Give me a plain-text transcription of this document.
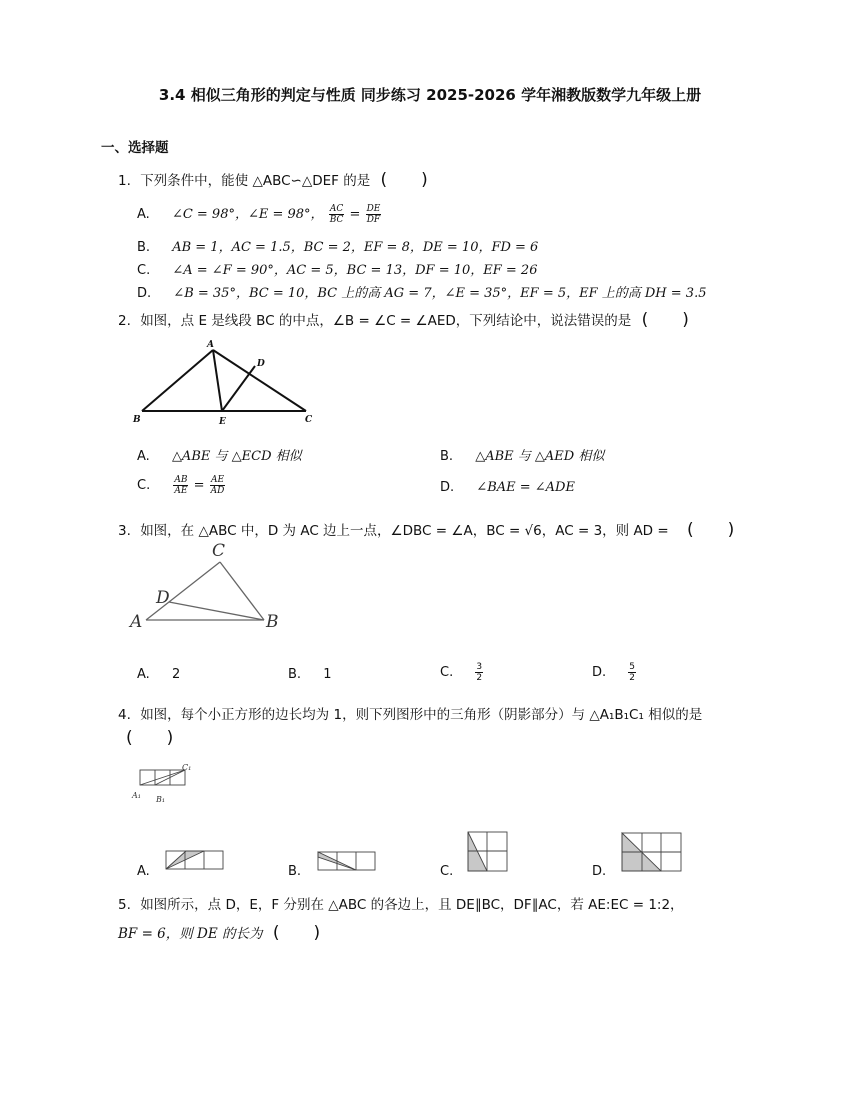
3.4 相似三角形的判定与性质 同步练习 2025-2026 学年湘教版数学九年级上册
一、选择题
1. 下列条件中，能使 △ABC∽△DEF 的是 (　　)
A. ∠C = 98°，∠E = 98°， $\frac{AC}{BC} = \frac{DE}{DF}$
B. AB = 1，AC = 1.5，BC = 2，EF = 8，DE = 10，FD = 6
C. ∠A = ∠F = 90°，AC = 5，BC = 13，DF = 10，EF = 26
D. ∠B = 35°，BC = 10，BC 上的高 AG = 7，∠E = 35°，EF = 5，EF 上的高 DH = 3.5
2. 如图，点 E 是线段 BC 的中点，∠B = ∠C = ∠AED，下列结论中，说法错误的是 (　　)
A
B	C
D
E
A. △ABE 与 △ECD 相似	B. △ABE 与 △AED 相似
C.	$\frac{AB}{AE} = \frac{AE}{AD}$	D. ∠BAE = ∠ADE
3. 如图，在 △ABC 中，D 为 AC 边上一点，∠DBC = ∠A，BC = √6，AC = 3，则 AD = (　　)
C
D
A	B
A. 2	B. 1	C. $\frac{3}{2}$	D. $\frac{5}{2}$
4. 如图，每个小正方形的边长均为 1，则下列图形中的三角形（阴影部分）与 △A₁B₁C₁ 相似的是
(　　)
A₁ B₁
C₁
A.	B.	C.	D.
5. 如图所示，点 D，E，F 分别在 △ABC 的各边上，且 DE∥BC，DF∥AC，若 AE:EC = 1:2，
BF = 6，则 DE 的长为 (　　)
